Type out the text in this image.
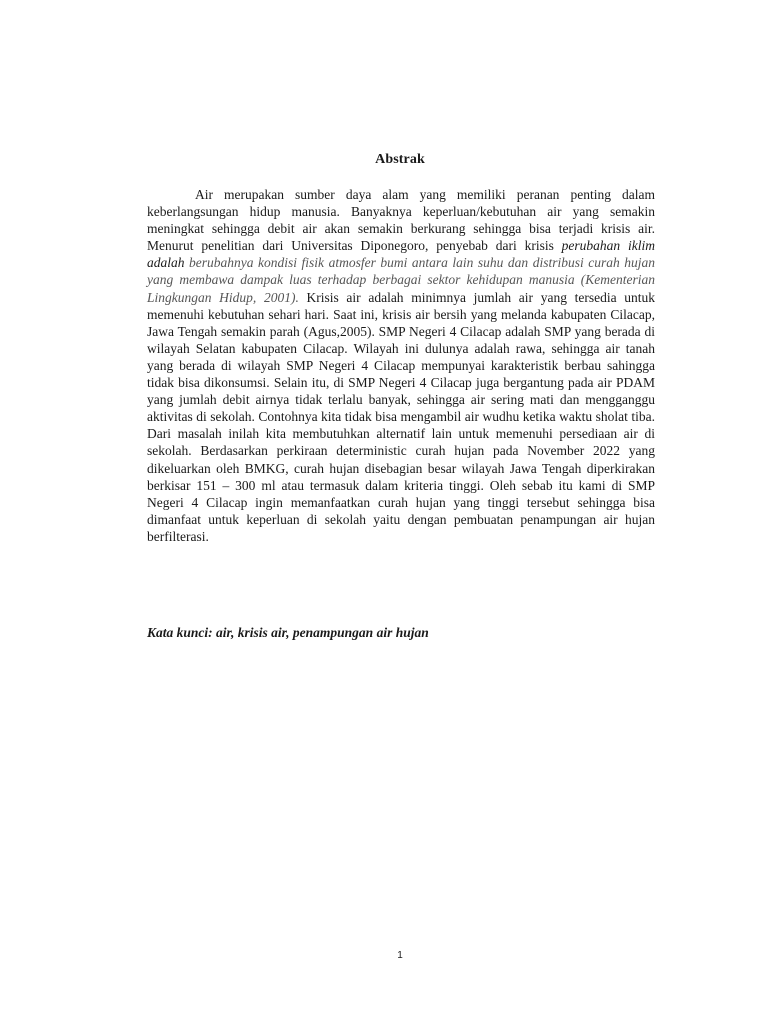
Abstrak

Air merupakan sumber daya alam yang memiliki peranan penting dalam keberlangsungan hidup manusia. Banyaknya keperluan/kebutuhan air yang semakin meningkat sehingga debit air akan semakin berkurang sehingga bisa terjadi krisis air. Menurut penelitian dari Universitas Diponegoro, penyebab dari krisis perubahan iklim adalah berubahnya kondisi fisik atmosfer bumi antara lain suhu dan distribusi curah hujan yang membawa dampak luas terhadap berbagai sektor kehidupan manusia (Kementerian Lingkungan Hidup, 2001). Krisis air adalah minimnya jumlah air yang tersedia untuk memenuhi kebutuhan sehari hari. Saat ini, krisis air bersih yang melanda kabupaten Cilacap, Jawa Tengah semakin parah (Agus,2005). SMP Negeri 4 Cilacap adalah SMP yang berada di wilayah Selatan kabupaten Cilacap. Wilayah ini dulunya adalah rawa, sehingga air tanah yang berada di wilayah SMP Negeri 4 Cilacap mempunyai karakteristik berbau sahingga tidak bisa dikonsumsi. Selain itu, di SMP Negeri 4 Cilacap juga bergantung pada air PDAM yang jumlah debit airnya tidak terlalu banyak, sehingga air sering mati dan mengganggu aktivitas di sekolah. Contohnya kita tidak bisa mengambil air wudhu ketika waktu sholat tiba. Dari masalah inilah kita membutuhkan alternatif lain untuk memenuhi persediaan air di sekolah. Berdasarkan perkiraan deterministic curah hujan pada November 2022 yang dikeluarkan oleh BMKG, curah hujan disebagian besar wilayah Jawa Tengah diperkirakan berkisar 151 – 300 ml atau termasuk dalam kriteria tinggi. Oleh sebab itu kami di SMP Negeri 4 Cilacap ingin memanfaatkan curah hujan yang tinggi tersebut sehingga bisa dimanfaat untuk keperluan di sekolah yaitu dengan pembuatan penampungan air hujan berfilterasi.

Kata kunci: air, krisis air, penampungan air hujan
1
